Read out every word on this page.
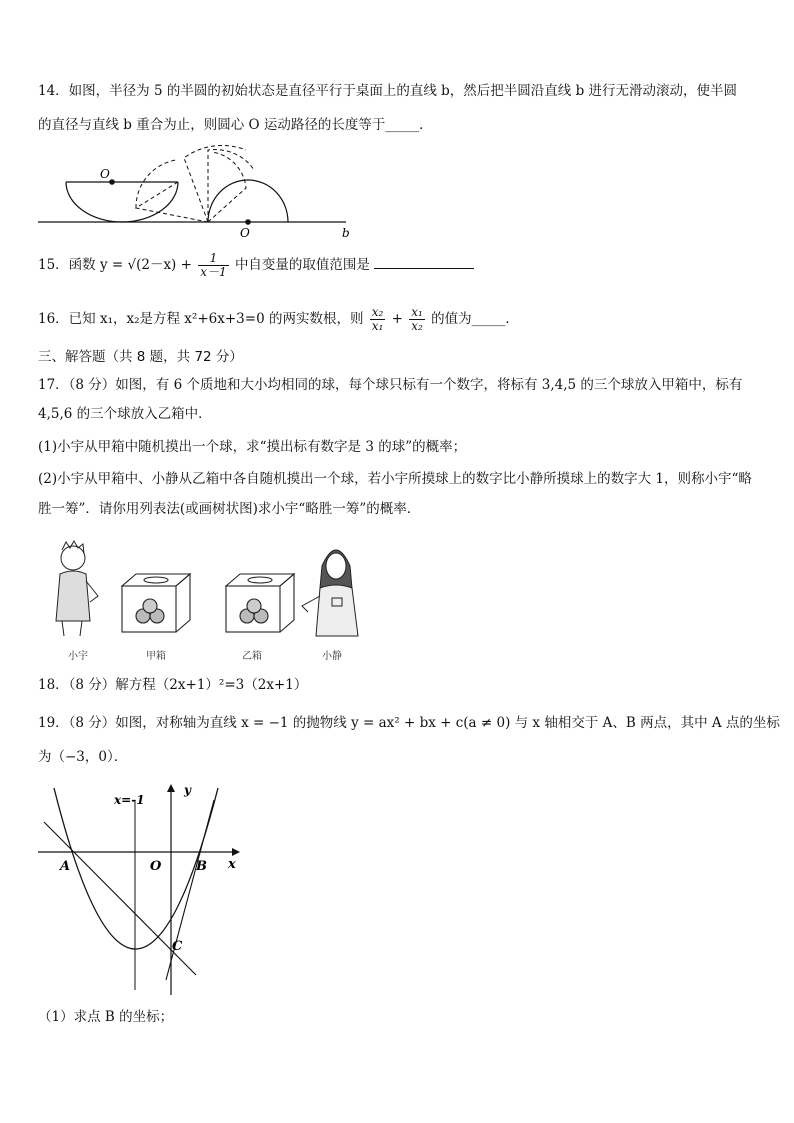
14．如图，半径为 5 的半圆的初始状态是直径平行于桌面上的直线 b，然后把半圆沿直线 b 进行无滑动滚动，使半圆
的直径与直线 b 重合为止，则圆心 O 运动路径的长度等于_____．
O
O	b
15．函数 $y = √(2-x) + \frac{1}{x-1}$ 中自变量的取值范围是
16．已知 x₁，x₂是方程 x²+6x+3=0 的两实数根，则 $\frac{\text{x₂}}{\text{x₁}} + \frac{\text{x₁}}{\text{x₂}}$ 的值为_____．
三、解答题（共 8 题，共 72 分）
17．（8 分）如图，有 6 个质地和大小均相同的球，每个球只标有一个数字，将标有 3,4,5 的三个球放入甲箱中，标有
4,5,6 的三个球放入乙箱中．
(1)小宇从甲箱中随机摸出一个球，求“摸出标有数字是 3 的球”的概率；
(2)小宇从甲箱中、小静从乙箱中各自随机摸出一个球，若小宇所摸球上的数字比小静所摸球上的数字大 1，则称小宇“略
胜一筹”．请你用列表法(或画树状图)求小宇“略胜一筹”的概率．
小宇	甲箱	乙箱	小静
18．（8 分）解方程（2x+1）²=3（2x+1）
19．（8 分）如图，对称轴为直线 x = −1 的抛物线 y = ax² + bx + c(a ≠ 0) 与 x 轴相交于 A、B 两点，其中 A 点的坐标
为（−3，0）．
y
x
x=-1
A	O	B
C
（1）求点 B 的坐标；
